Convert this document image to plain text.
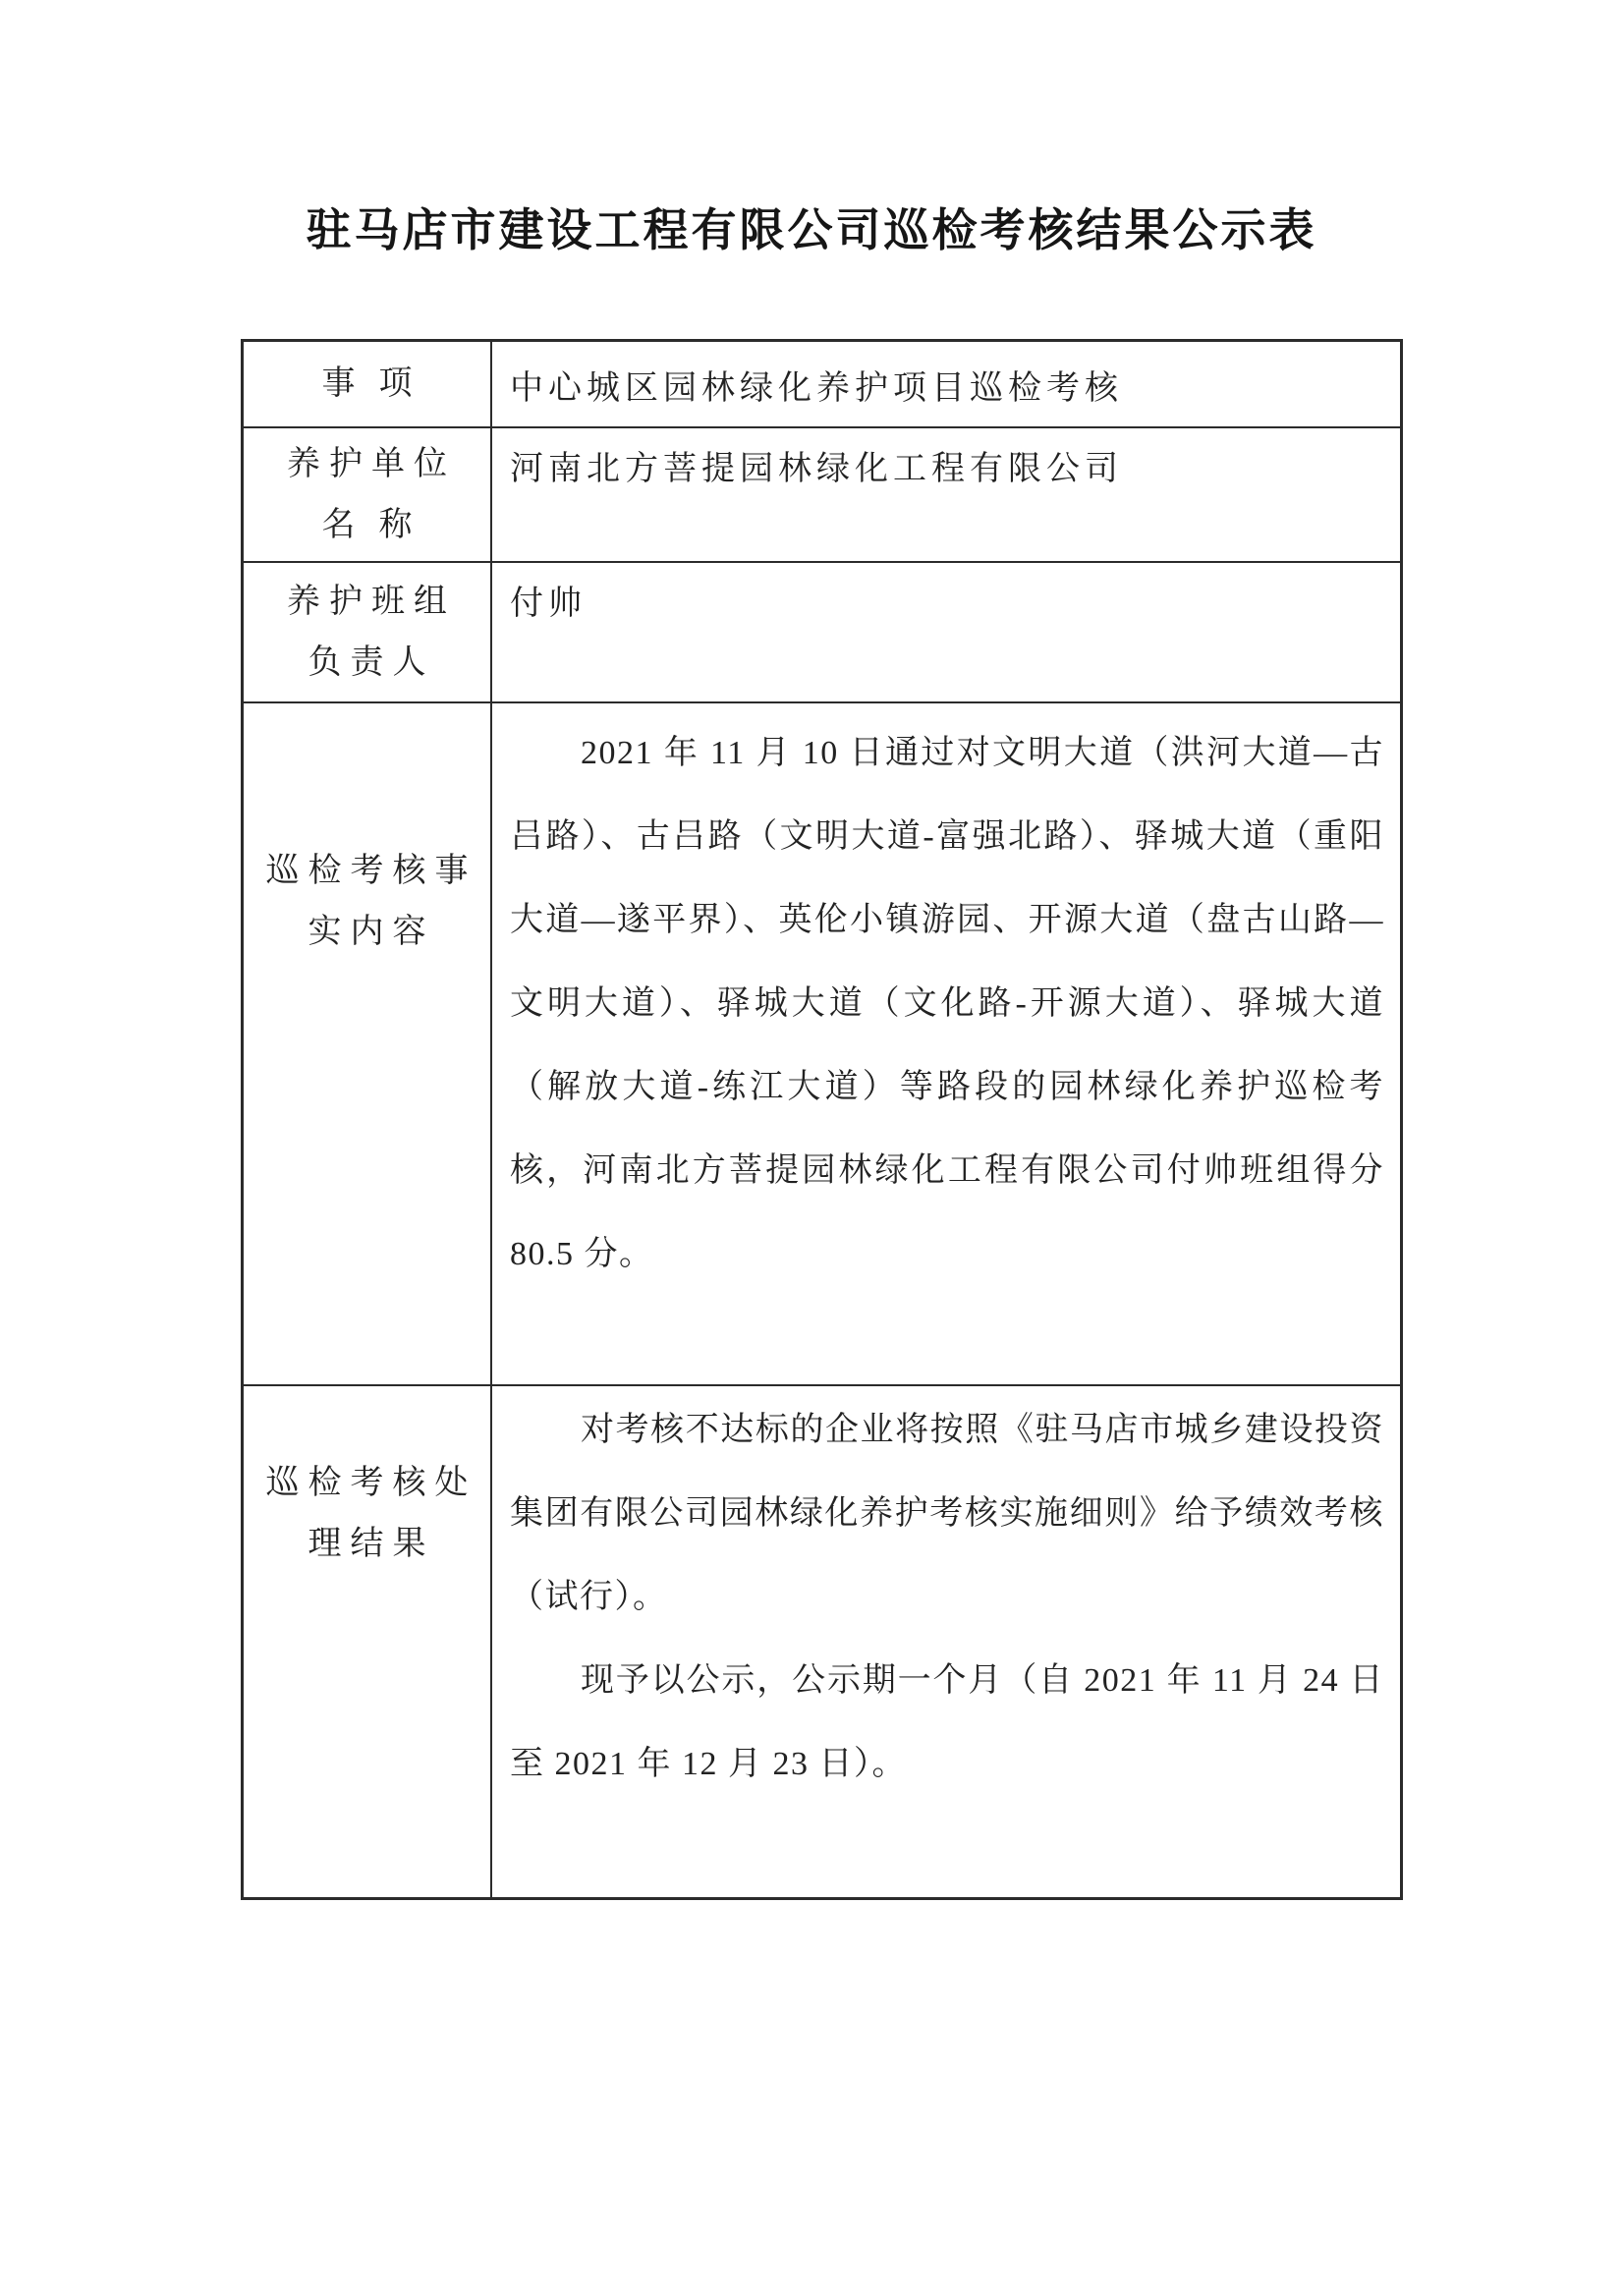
驻马店市建设工程有限公司巡检考核结果公示表
事项 中心城区园林绿化养护项目巡检考核
养护单位
名称
河南北方菩提园林绿化工程有限公司
养护班组
负责人
付帅
巡检考核事
实内容

2021 年 11 月 10 日通过对文明大道（洪河大道—古吕路）、古吕路（文明大道-富强北路）、驿城大道（重阳大道—遂平界）、英伦小镇游园、开源大道（盘古山路—文明大道）、驿城大道（文化路-开源大道）、驿城大道（解放大道-练江大道）等路段的园林绿化养护巡检考核，河南北方菩提园林绿化工程有限公司付帅班组得分 80.5 分。

巡检考核处
理结果

对考核不达标的企业将按照《驻马店市城乡建设投资集团有限公司园林绿化养护考核实施细则》给予绩效考核（试行）。

现予以公示，公示期一个月（自 2021 年 11 月 24 日至 2021 年 12 月 23 日）。
